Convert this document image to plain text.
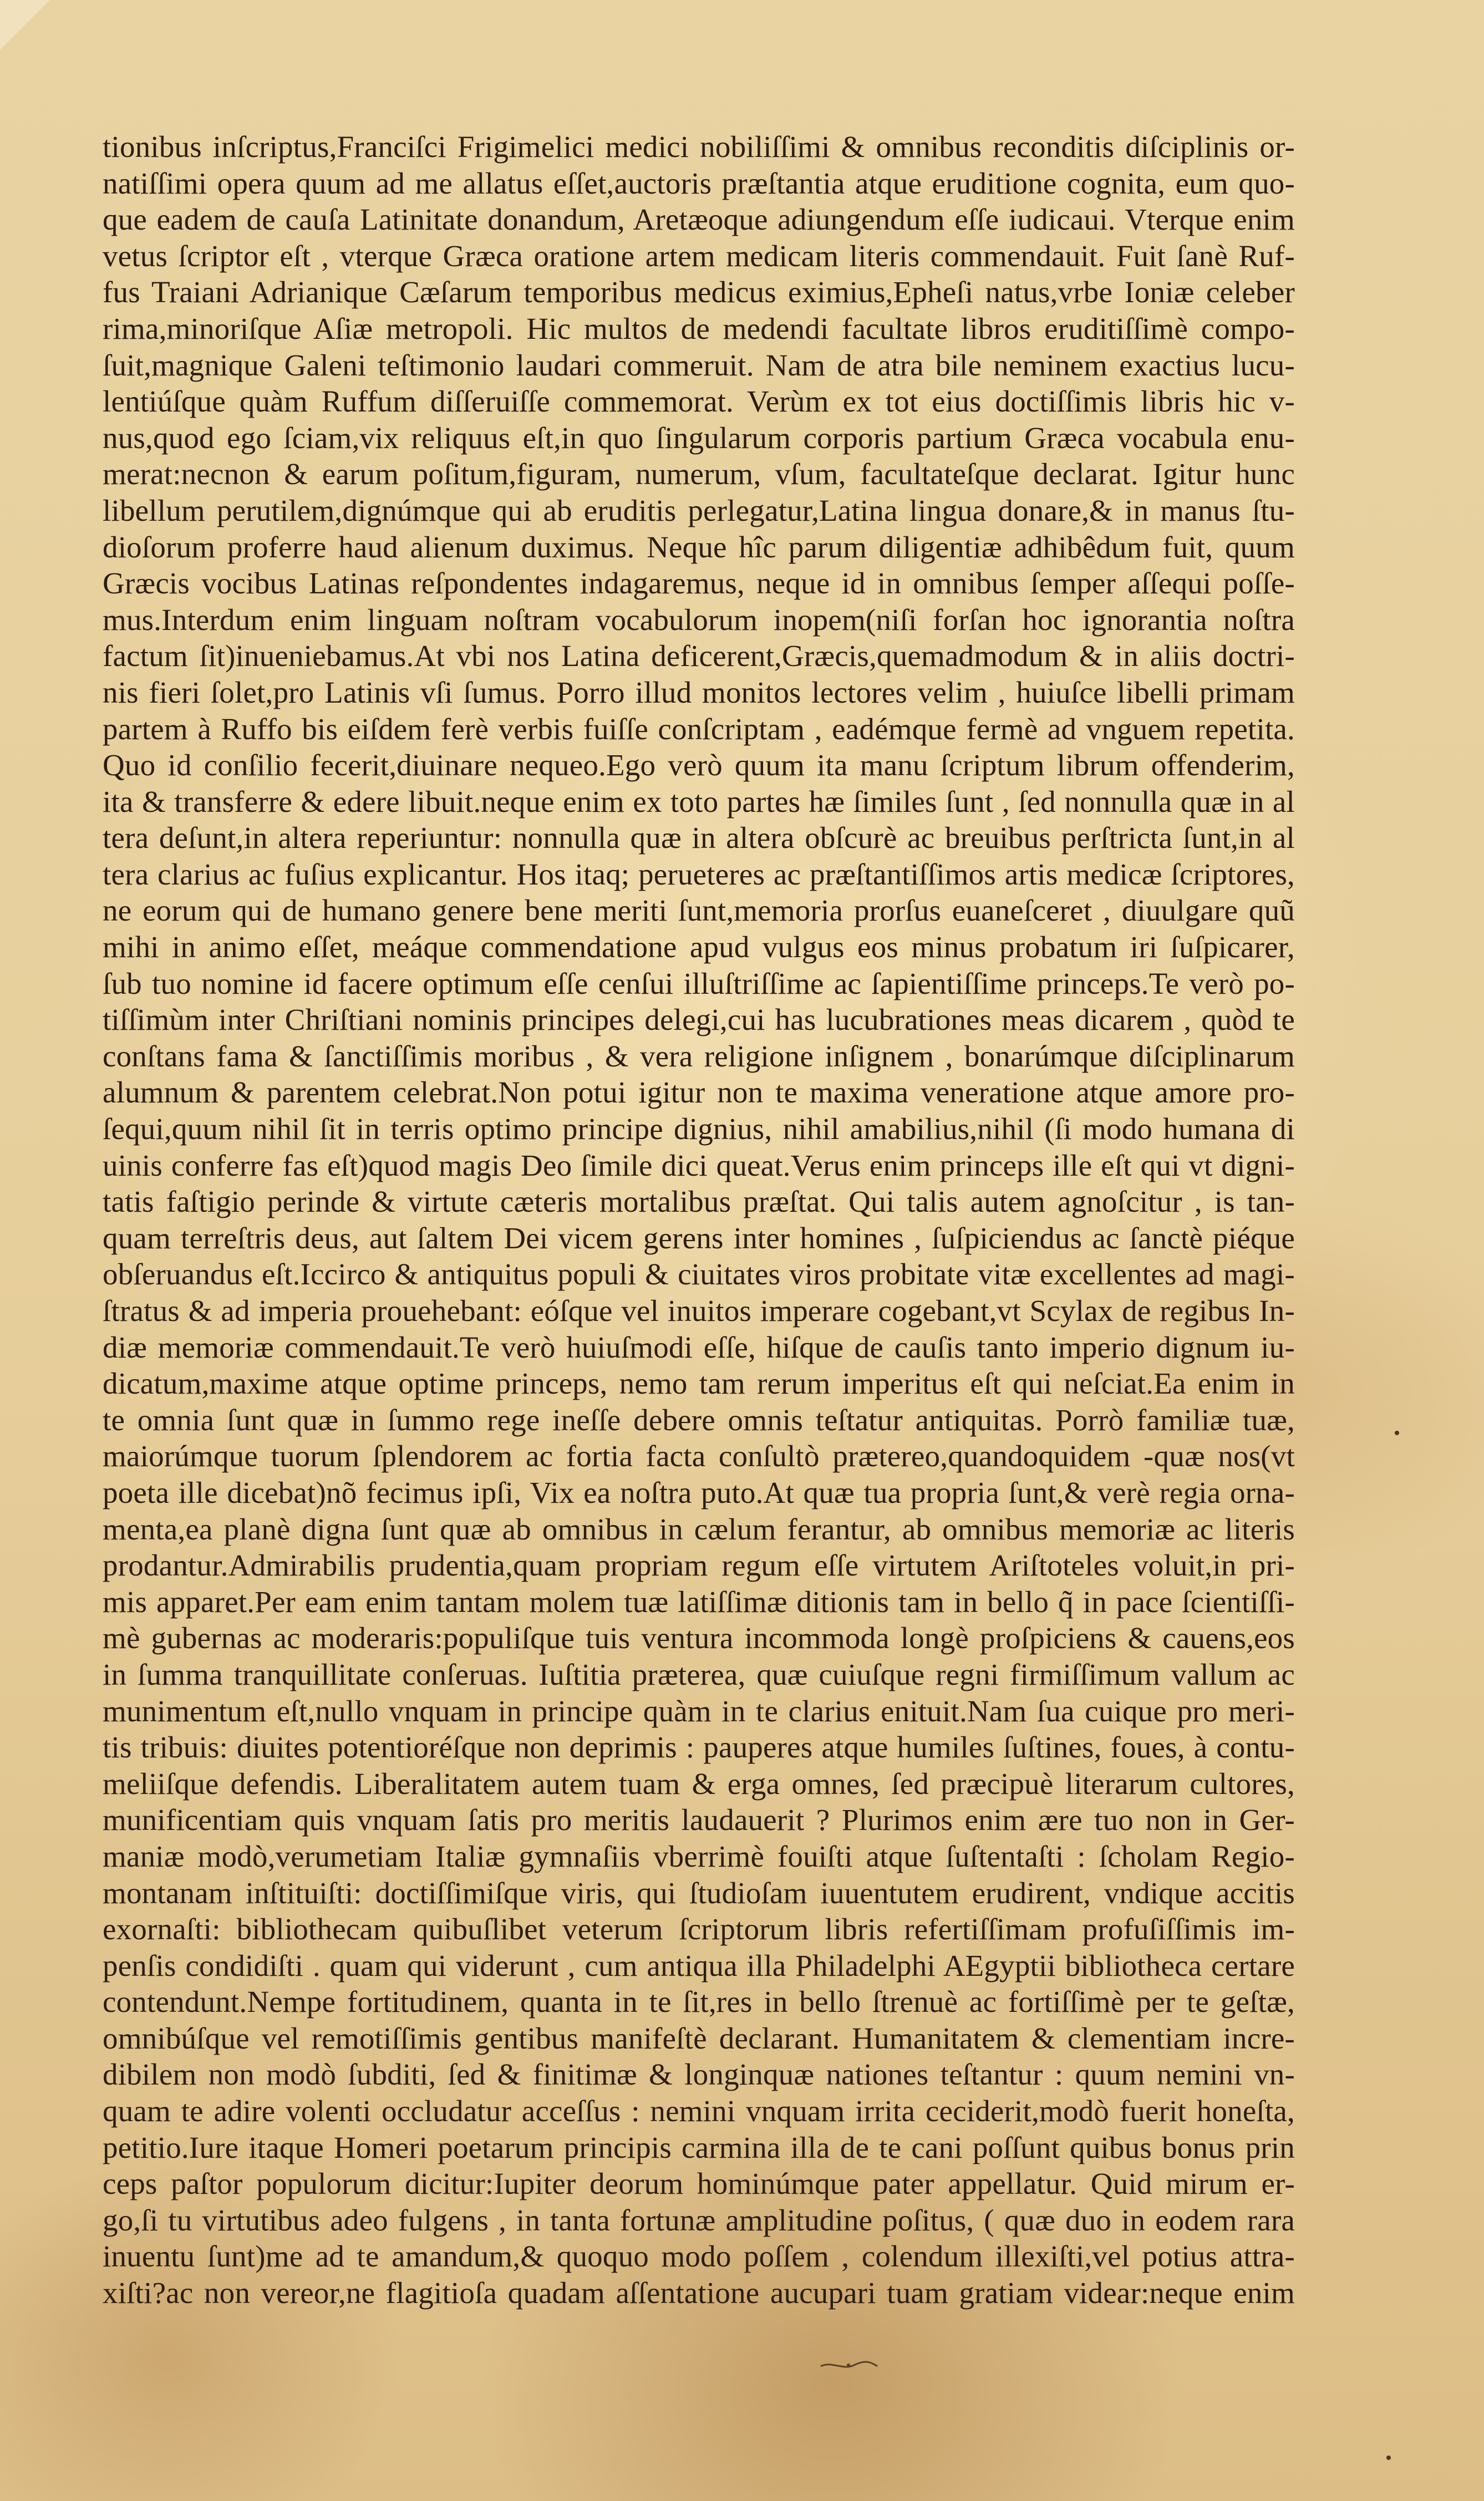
tionibus inſcriptus,Franciſci Frigimelici medici nobiliſſimi & omnibus reconditis diſciplinis or-
natiſſimi opera quum ad me allatus eſſet,auctoris præſtantia atque eruditione cognita, eum quo-
que eadem de cauſa Latinitate donandum, Aretæoque adiungendum eſſe iudicaui. Vterque enim
vetus ſcriptor eſt , vterque Græca oratione artem medicam literis commendauit. Fuit ſanè Ruf-
fus Traiani Adrianique Cæſarum temporibus medicus eximius,Epheſi natus,vrbe Ioniæ celeber
rima,minoriſque Aſiæ metropoli. Hic multos de medendi facultate libros eruditiſſimè compo-
ſuit,magnique Galeni teſtimonio laudari commeruit. Nam de atra bile neminem exactius lucu-
lentiúſque quàm Ruffum diſſeruiſſe commemorat. Verùm ex tot eius doctiſſimis libris hic v-
nus,quod ego ſciam,vix reliquus eſt,in quo ſingularum corporis partium Græca vocabula enu-
merat:necnon & earum poſitum,figuram, numerum, vſum, facultateſque declarat. Igitur hunc
libellum perutilem,dignúmque qui ab eruditis perlegatur,Latina lingua donare,& in manus ſtu-
dioſorum proferre haud alienum duximus. Neque hîc parum diligentiæ adhibêdum fuit, quum
Græcis vocibus Latinas reſpondentes indagaremus, neque id in omnibus ſemper aſſequi poſſe-
mus.Interdum enim linguam noſtram vocabulorum inopem(niſi forſan hoc ignorantia noſtra
factum ſit)inueniebamus.At vbi nos Latina deficerent,Græcis,quemadmodum & in aliis doctri-
nis fieri ſolet,pro Latinis vſi ſumus. Porro illud monitos lectores velim , huiuſce libelli primam
partem à Ruffo bis eiſdem ferè verbis fuiſſe conſcriptam , eadémque fermè ad vnguem repetita.
Quo id conſilio fecerit,diuinare nequeo.Ego verò quum ita manu ſcriptum librum offenderim,
ita & transferre & edere libuit.neque enim ex toto partes hæ ſimiles ſunt , ſed nonnulla quæ in al
tera deſunt,in altera reperiuntur: nonnulla quæ in altera obſcurè ac breuibus perſtricta ſunt,in al
tera clarius ac fuſius explicantur. Hos itaq; perueteres ac præſtantiſſimos artis medicæ ſcriptores,
ne eorum qui de humano genere bene meriti ſunt,memoria prorſus euaneſceret , diuulgare quũ
mihi in animo eſſet, meáque commendatione apud vulgus eos minus probatum iri ſuſpicarer,
ſub tuo nomine id facere optimum eſſe cenſui illuſtriſſime ac ſapientiſſime princeps.Te verò po-
tiſſimùm inter Chriſtiani nominis principes delegi,cui has lucubrationes meas dicarem , quòd te
conſtans fama & ſanctiſſimis moribus , & vera religione inſignem , bonarúmque diſciplinarum
alumnum & parentem celebrat.Non potui igitur non te maxima veneratione atque amore pro-
ſequi,quum nihil ſit in terris optimo principe dignius, nihil amabilius,nihil (ſi modo humana di
uinis conferre fas eſt)quod magis Deo ſimile dici queat.Verus enim princeps ille eſt qui vt digni-
tatis faſtigio perinde & virtute cæteris mortalibus præſtat. Qui talis autem agnoſcitur , is tan-
quam terreſtris deus, aut ſaltem Dei vicem gerens inter homines , ſuſpiciendus ac ſanctè piéque
obſeruandus eſt.Iccirco & antiquitus populi & ciuitates viros probitate vitæ excellentes ad magi-
ſtratus & ad imperia prouehebant: eóſque vel inuitos imperare cogebant,vt Scylax de regibus In-
diæ memoriæ commendauit.Te verò huiuſmodi eſſe, hiſque de cauſis tanto imperio dignum iu-
dicatum,maxime atque optime princeps, nemo tam rerum imperitus eſt qui neſciat.Ea enim in
te omnia ſunt quæ in ſummo rege ineſſe debere omnis teſtatur antiquitas. Porrò familiæ tuæ,
maiorúmque tuorum ſplendorem ac fortia facta conſultò prætereo,quandoquidem -quæ nos(vt
poeta ille dicebat)nõ fecimus ipſi, Vix ea noſtra puto.At quæ tua propria ſunt,& verè regia orna-
menta,ea planè digna ſunt quæ ab omnibus in cælum ferantur, ab omnibus memoriæ ac literis
prodantur.Admirabilis prudentia,quam propriam regum eſſe virtutem Ariſtoteles voluit,in pri-
mis apparet.Per eam enim tantam molem tuæ latiſſimæ ditionis tam in bello q̃ in pace ſcientiſſi-
mè gubernas ac moderaris:populiſque tuis ventura incommoda longè proſpiciens & cauens,eos
in ſumma tranquillitate conſeruas. Iuſtitia præterea, quæ cuiuſque regni firmiſſimum vallum ac
munimentum eſt,nullo vnquam in principe quàm in te clarius enituit.Nam ſua cuique pro meri-
tis tribuis: diuites potentioréſque non deprimis : pauperes atque humiles ſuſtines, foues, à contu-
meliiſque defendis. Liberalitatem autem tuam & erga omnes, ſed præcipuè literarum cultores,
munificentiam quis vnquam ſatis pro meritis laudauerit ? Plurimos enim ære tuo non in Ger-
maniæ modò,verumetiam Italiæ gymnaſiis vberrimè fouiſti atque ſuſtentaſti : ſcholam Regio-
montanam inſtituiſti: doctiſſimiſque viris, qui ſtudioſam iuuentutem erudirent, vndique accitis
exornaſti: bibliothecam quibuſlibet veterum ſcriptorum libris refertiſſimam profuſiſſimis im-
penſis condidiſti . quam qui viderunt , cum antiqua illa Philadelphi AEgyptii bibliotheca certare
contendunt.Nempe fortitudinem, quanta in te ſit,res in bello ſtrenuè ac fortiſſimè per te geſtæ,
omnibúſque vel remotiſſimis gentibus manifeſtè declarant. Humanitatem & clementiam incre-
dibilem non modò ſubditi, ſed & finitimæ & longinquæ nationes teſtantur : quum nemini vn-
quam te adire volenti occludatur acceſſus : nemini vnquam irrita ceciderit,modò fuerit honeſta,
petitio.Iure itaque Homeri poetarum principis carmina illa de te cani poſſunt quibus bonus prin
ceps paſtor populorum dicitur:Iupiter deorum hominúmque pater appellatur. Quid mirum er-
go,ſi tu virtutibus adeo fulgens , in tanta fortunæ amplitudine poſitus, ( quæ duo in eodem rara
inuentu ſunt)me ad te amandum,& quoquo modo poſſem , colendum illexiſti,vel potius attra-
xiſti?ac non vereor,ne flagitioſa quadam aſſentatione aucupari tuam gratiam videar:neque enim
